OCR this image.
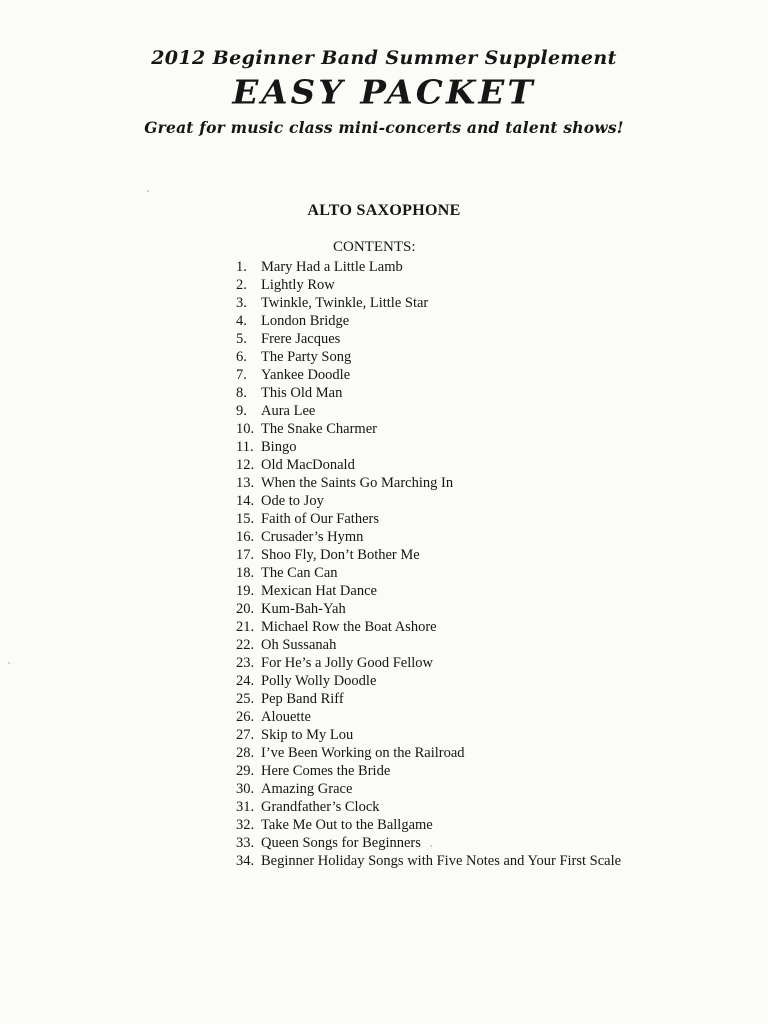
2012 Beginner Band Summer Supplement
EASY PACKET
Great for music class mini-concerts and talent shows!
ALTO SAXOPHONE
CONTENTS:
1. Mary Had a Little Lamb
2. Lightly Row
3. Twinkle, Twinkle, Little Star
4. London Bridge
5. Frere Jacques
6. The Party Song
7. Yankee Doodle
8. This Old Man
9. Aura Lee
10. The Snake Charmer
11. Bingo
12. Old MacDonald
13. When the Saints Go Marching In
14. Ode to Joy
15. Faith of Our Fathers
16. Crusader’s Hymn
17. Shoo Fly, Don’t Bother Me
18. The Can Can
19. Mexican Hat Dance
20. Kum-Bah-Yah
21. Michael Row the Boat Ashore
22. Oh Sussanah
23. For He’s a Jolly Good Fellow
24. Polly Wolly Doodle
25. Pep Band Riff
26. Alouette
27. Skip to My Lou
28. I’ve Been Working on the Railroad
29. Here Comes the Bride
30. Amazing Grace
31. Grandfather’s Clock
32. Take Me Out to the Ballgame
33. Queen Songs for Beginners
34. Beginner Holiday Songs with Five Notes and Your First Scale
